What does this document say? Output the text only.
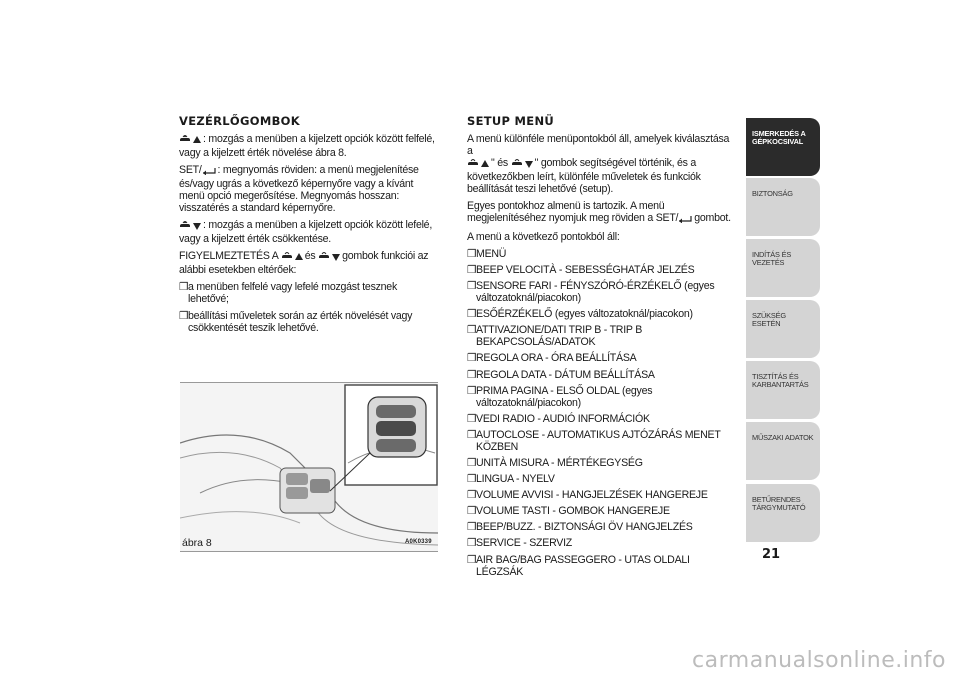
VEZÉRLŐGOMBOK

: mozgás a menüben a kijelzett opciók között felfelé, vagy a kijelzett érték növelése ábra 8.

SET/ : megnyomás röviden: a menü megjelenítése és/vagy ugrás a következő képernyőre vagy a kívánt menü opció megerősítése. Megnyomás hosszan: visszatérés a standard képernyőre.

: mozgás a menüben a kijelzett opciók között lefelé, vagy a kijelzett érték csökkentése.

FIGYELMEZTETÉS A	és	gombok funkciói az alábbi esetekben eltérőek:

❒a menüben felfelé vagy lefelé mozgást tesznek lehetővé;

❒beállítási műveletek során az érték növelését vagy csökkentését teszik lehetővé.

ábra 8	A0K0339
SETUP MENÜ

A menü különféle menüpontokból áll, amelyek kiválasztása a
" és	" gombok segítségével történik, és a következőkben leírt, különféle műveletek és funkciók beállítását teszi lehetővé (setup).

Egyes pontokhoz almenü is tartozik. A menü megjelenítéséhez nyomjuk meg röviden a SET/ gombot.

A menü a következő pontokból áll:

❒MENÜ

❒BEEP VELOCITÀ - SEBESSÉGHATÁR JELZÉS

❒SENSORE FARI - FÉNYSZÓRÓ-ÉRZÉKELŐ (egyes változatoknál/piacokon)

❒ESŐÉRZÉKELŐ (egyes változatoknál/piacokon)

❒ATTIVAZIONE/DATI TRIP B - TRIP B BEKAPCSOLÁS/ADATOK

❒REGOLA ORA - ÓRA BEÁLLÍTÁSA

❒REGOLA DATA - DÁTUM BEÁLLÍTÁSA

❒PRIMA PAGINA - ELSŐ OLDAL (egyes változatoknál/piacokon)

❒VEDI RADIO - AUDIÓ INFORMÁCIÓK

❒AUTOCLOSE - AUTOMATIKUS AJTÓZÁRÁS MENET KÖZBEN

❒UNITÀ MISURA - MÉRTÉKEGYSÉG

❒LINGUA - NYELV

❒VOLUME AVVISI - HANGJELZÉSEK HANGEREJE

❒VOLUME TASTI - GOMBOK HANGEREJE

❒BEEP/BUZZ. - BIZTONSÁGI ÖV HANGJELZÉS

❒SERVICE - SZERVIZ

❒AIR BAG/BAG PASSEGGERO - UTAS OLDALI LÉGZSÁK

ISMERKEDÉS A GÉPKOCSIVAL
BIZTONSÁG
INDÍTÁS ÉS VEZETÉS
SZÜKSÉG ESETÉN
TISZTÍTÁS ÉS KARBANTARTÁS
MŰSZAKI ADATOK
BETŰRENDES TÁRGYMUTATÓ
21
carmanualsonline.info
